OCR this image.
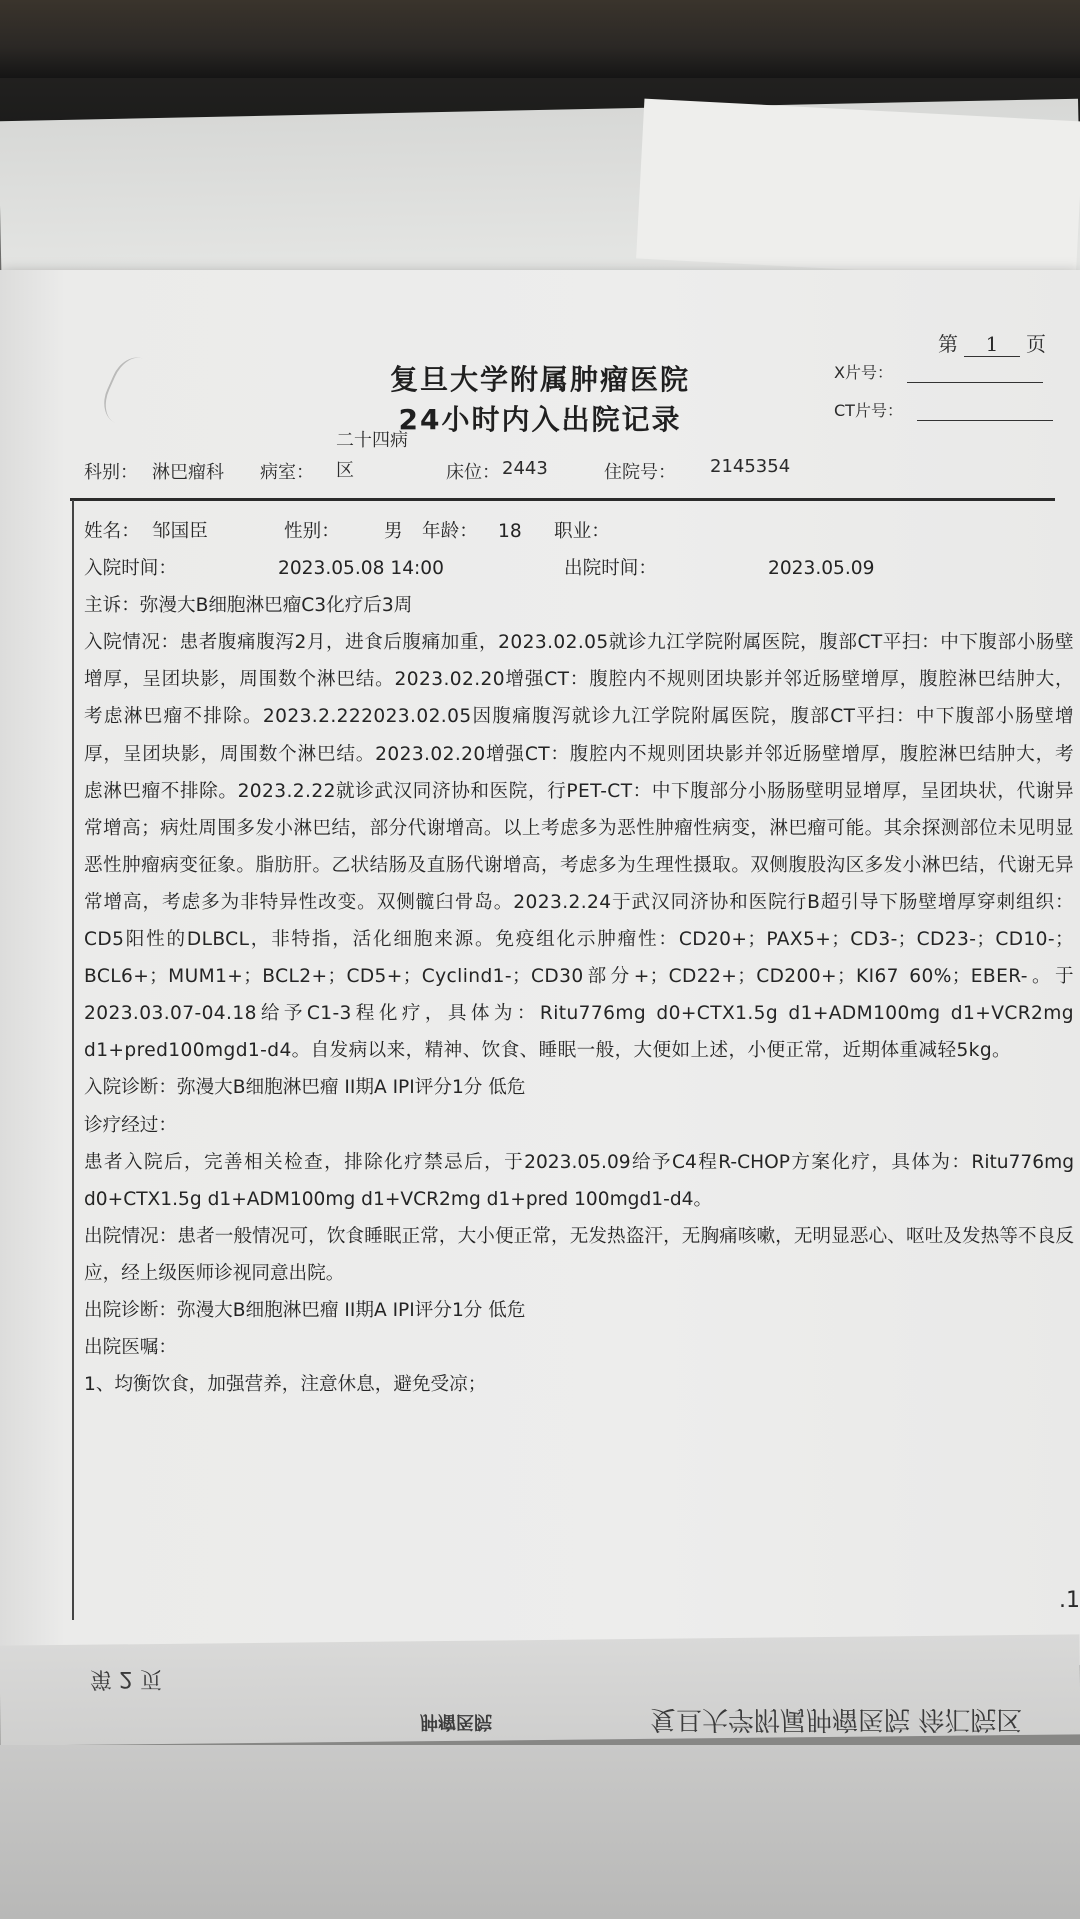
第	1	页
复旦大学附属肿瘤医院
24小时内入出院记录
X片号：
CT片号：
科别： 淋巴瘤科 病室：
二十四病区	床位： 2443	住院号： 2145354
姓名： 邹国臣	性别： 男 年龄： 18 职业：
入院时间：	2023.05.08 14:00	出院时间：	2023.05.09
主诉：弥漫大B细胞淋巴瘤C3化疗后3周
入院情况：患者腹痛腹泻2月，进食后腹痛加重，2023.02.05就诊九江学院附属医院，腹部CT平扫：中下腹部小肠壁增厚，呈团块影，周围数个淋巴结。2023.02.20增强CT：腹腔内不规则团块影并邻近肠壁增厚，腹腔淋巴结肿大，考虑淋巴瘤不排除。2023.2.222023.02.05因腹痛腹泻就诊九江学院附属医院，腹部CT平扫：中下腹部小肠壁增厚，呈团块影，周围数个淋巴结。2023.02.20增强CT：腹腔内不规则团块影并邻近肠壁增厚，腹腔淋巴结肿大，考虑淋巴瘤不排除。2023.2.22就诊武汉同济协和医院，行PET-CT：中下腹部分小肠肠壁明显增厚，呈团块状，代谢异常增高；病灶周围多发小淋巴结，部分代谢增高。以上考虑多为恶性肿瘤性病变，淋巴瘤可能。其余探测部位未见明显恶性肿瘤病变征象。脂肪肝。乙状结肠及直肠代谢增高，考虑多为生理性摄取。双侧腹股沟区多发小淋巴结，代谢无异常增高，考虑多为非特异性改变。双侧髋臼骨岛。2023.2.24于武汉同济协和医院行B超引导下肠壁增厚穿刺组织：CD5阳性的DLBCL，非特指，活化细胞来源。免疫组化示肿瘤性：CD20+；PAX5+；CD3-；CD23-；CD10-；BCL6+；MUM1+；BCL2+；CD5+；Cyclind1-；CD30部分+；CD22+；CD200+；KI67 60%；EBER-。于2023.03.07-04.18给予C1-3程化疗，具体为：Ritu776mg d0+CTX1.5g d1+ADM100mg d1+VCR2mg d1+pred100mgd1-d4。自发病以来，精神、饮食、睡眠一般，大便如上述，小便正常，近期体重减轻5kg。
入院诊断：弥漫大B细胞淋巴瘤 II期A IPI评分1分 低危
诊疗经过：
患者入院后，完善相关检查，排除化疗禁忌后，于2023.05.09给予C4程R-CHOP方案化疗，具体为：Ritu776mg d0+CTX1.5g d1+ADM100mg d1+VCR2mg d1+pred 100mgd1-d4。
出院情况：患者一般情况可，饮食睡眠正常，大小便正常，无发热盗汗，无胸痛咳嗽，无明显恶心、呕吐及发热等不良反应，经上级医师诊视同意出院。
出院诊断：弥漫大B细胞淋巴瘤 II期A IPI评分1分 低危
出院医嘱：
1、均衡饮食，加强营养，注意休息，避免受凉；
.1
第 2 页
肿瘤医院	复旦大学附属肿瘤医院 徐汇院区
